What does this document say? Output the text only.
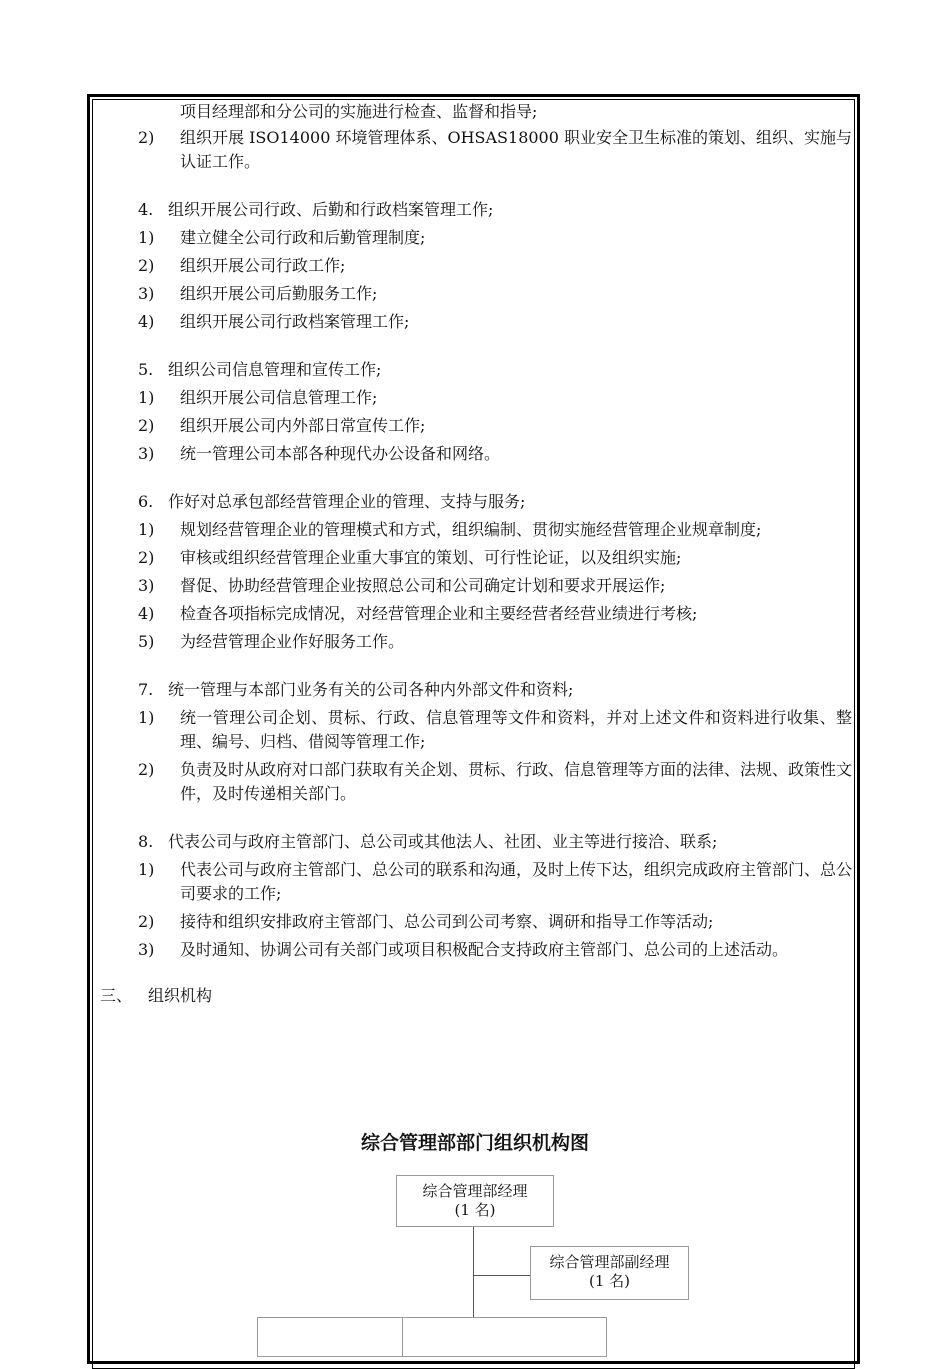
项目经理部和分公司的实施进行检查、监督和指导;
2)	组织开展 ISO14000 环境管理体系、OHSAS18000 职业安全卫生标准的策划、组织、实施与认证工作。
4. 组织开展公司行政、后勤和行政档案管理工作;
1)	建立健全公司行政和后勤管理制度;
2)	组织开展公司行政工作;
3)	组织开展公司后勤服务工作;
4)	组织开展公司行政档案管理工作;
5. 组织公司信息管理和宣传工作;
1)	组织开展公司信息管理工作;
2)	组织开展公司内外部日常宣传工作;
3)	统一管理公司本部各种现代办公设备和网络。
6. 作好对总承包部经营管理企业的管理、支持与服务;
1)	规划经营管理企业的管理模式和方式，组织编制、贯彻实施经营管理企业规章制度;
2)	审核或组织经营管理企业重大事宜的策划、可行性论证，以及组织实施;
3)	督促、协助经营管理企业按照总公司和公司确定计划和要求开展运作;
4)	检查各项指标完成情况，对经营管理企业和主要经营者经营业绩进行考核;
5)	为经营管理企业作好服务工作。
7. 统一管理与本部门业务有关的公司各种内外部文件和资料;
1)	统一管理公司企划、贯标、行政、信息管理等文件和资料，并对上述文件和资料进行收集、整理、编号、归档、借阅等管理工作;
2)	负责及时从政府对口部门获取有关企划、贯标、行政、信息管理等方面的法律、法规、政策性文件，及时传递相关部门。
8. 代表公司与政府主管部门、总公司或其他法人、社团、业主等进行接洽、联系;
1)	代表公司与政府主管部门、总公司的联系和沟通，及时上传下达，组织完成政府主管部门、总公司要求的工作;
2)	接待和组织安排政府主管部门、总公司到公司考察、调研和指导工作等活动;
3)	及时通知、协调公司有关部门或项目积极配合支持政府主管部门、总公司的上述活动。
三、 组织机构
综合管理部部门组织机构图
综合管理部经理
(1 名)
综合管理部副经理
(1 名)
